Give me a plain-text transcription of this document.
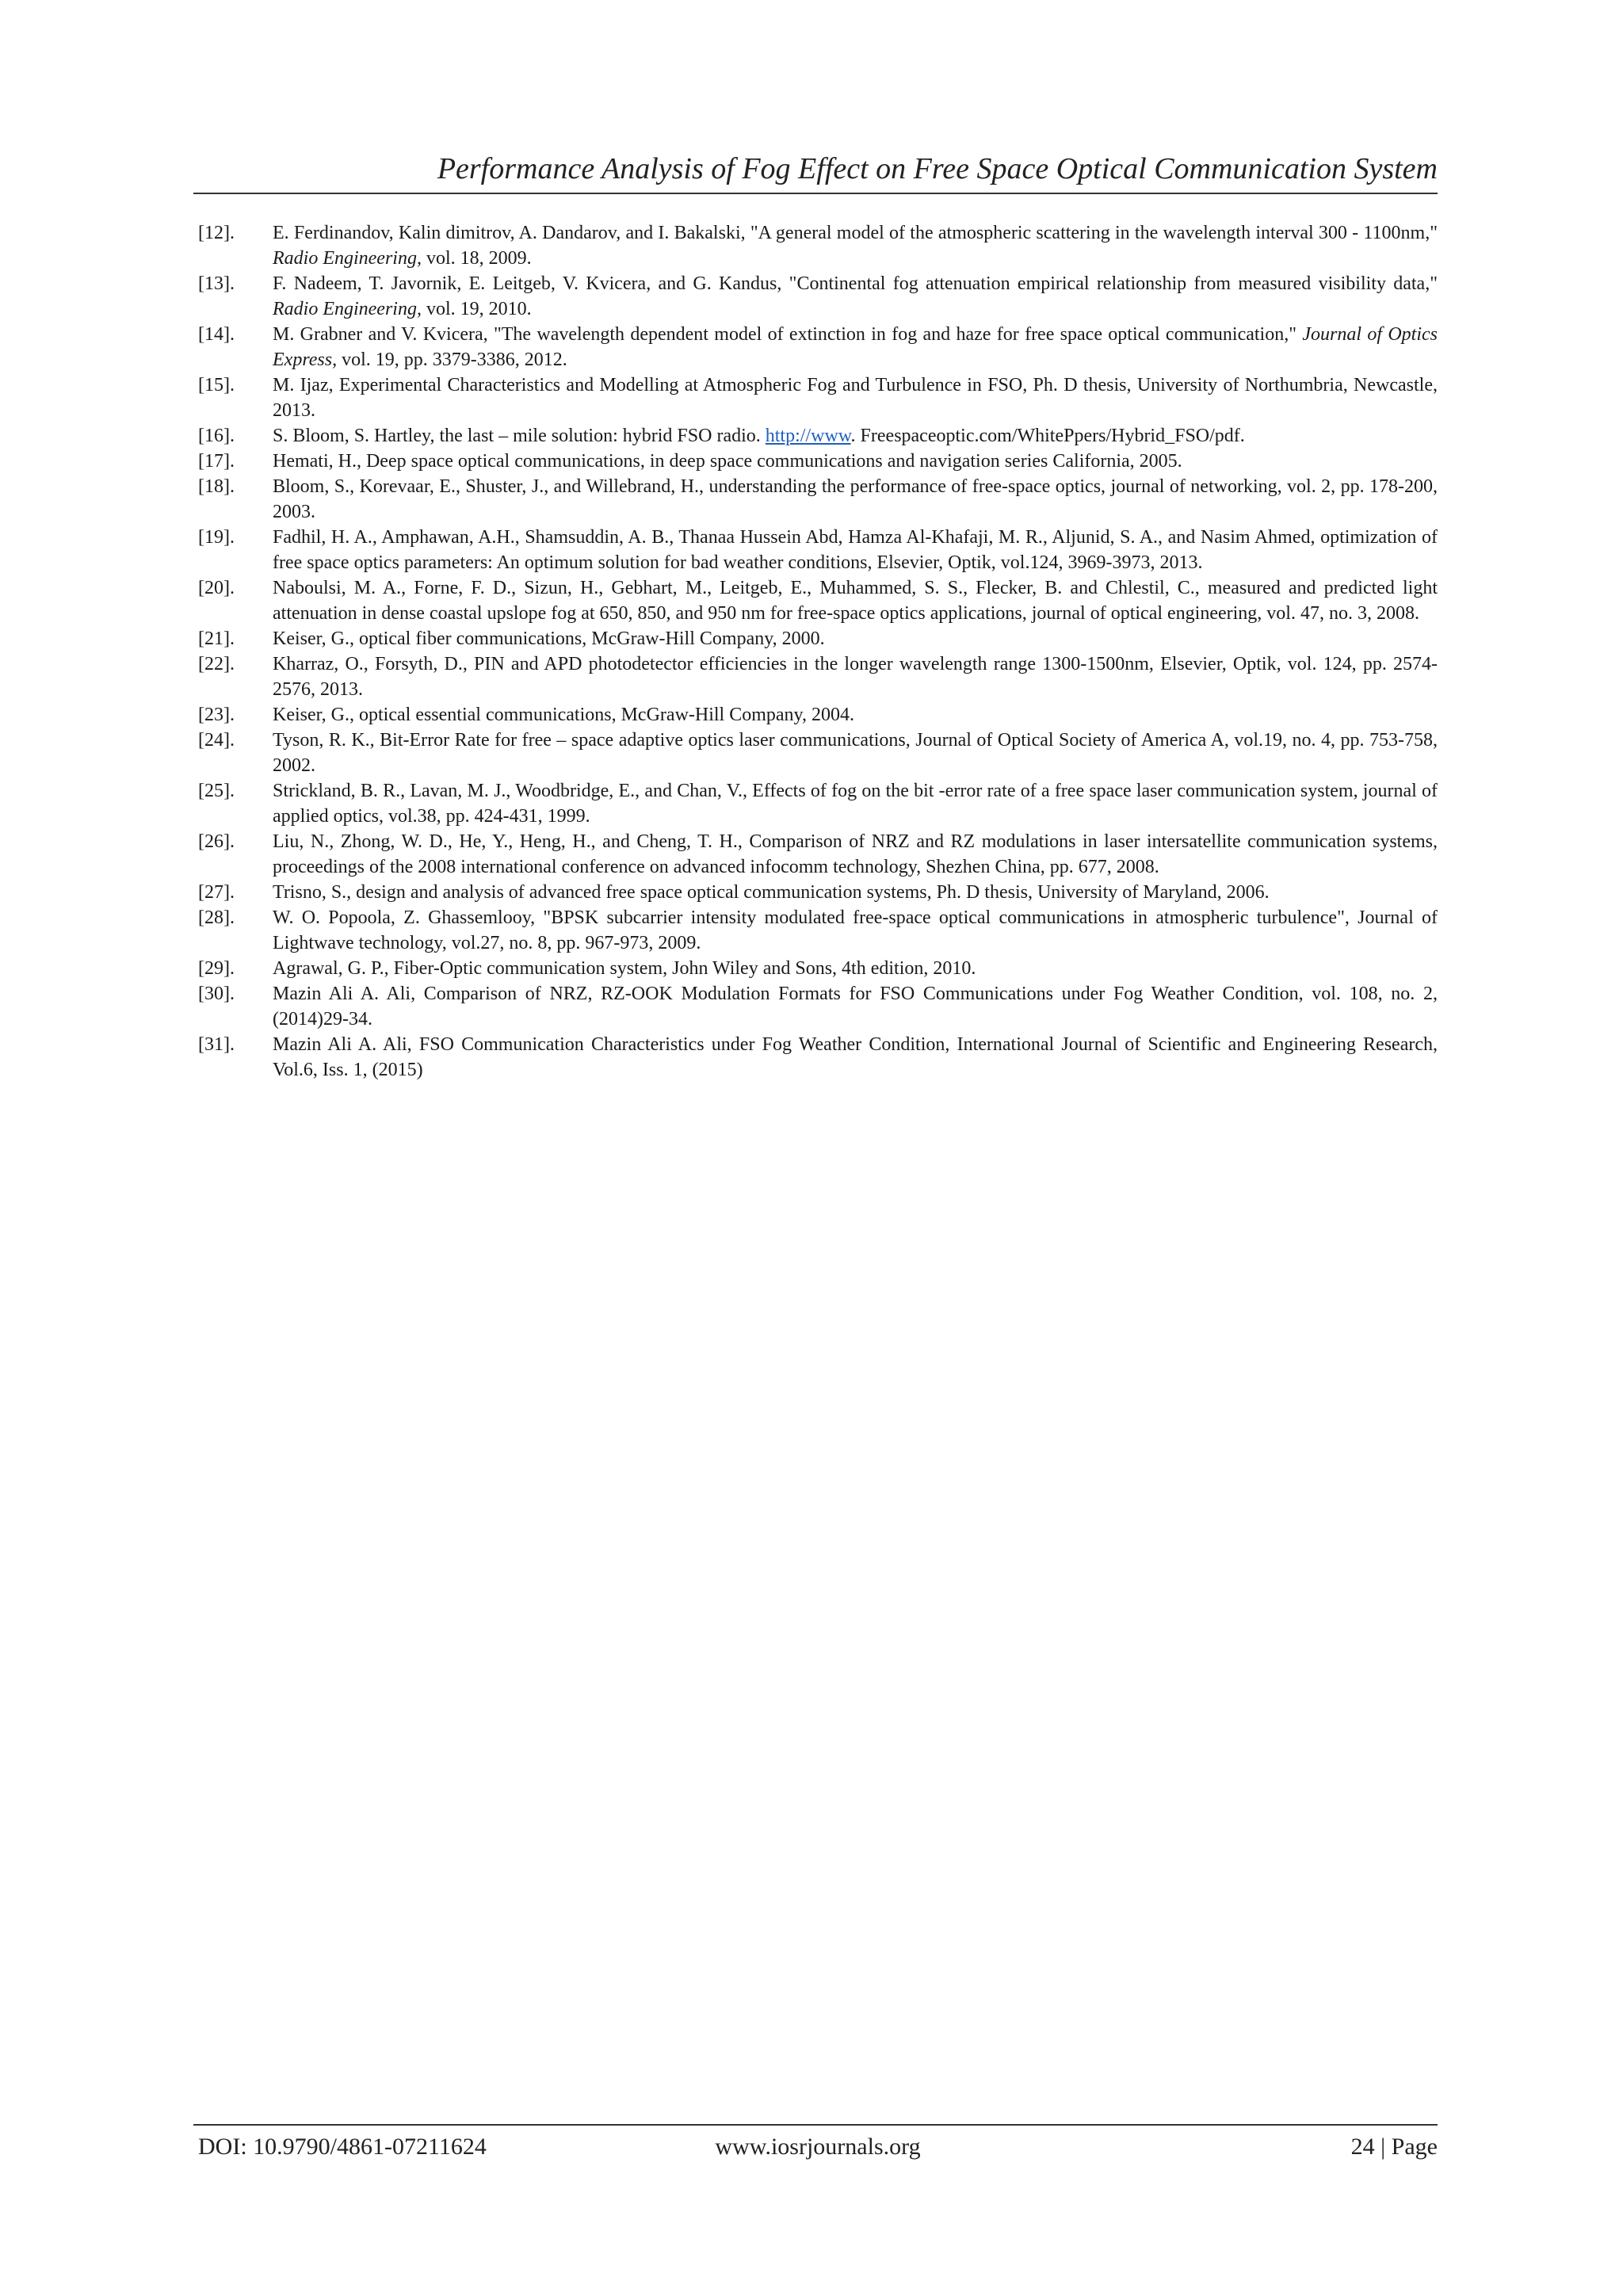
Performance Analysis of Fog Effect on Free Space Optical Communication System
[12]. E. Ferdinandov, Kalin dimitrov, A. Dandarov, and I. Bakalski, "A general model of the atmospheric scattering in the wavelength interval 300 - 1100nm," Radio Engineering, vol. 18, 2009.
[13]. F. Nadeem, T. Javornik, E. Leitgeb, V. Kvicera, and G. Kandus, "Continental fog attenuation empirical relationship from measured visibility data," Radio Engineering, vol. 19, 2010.
[14]. M. Grabner and V. Kvicera, "The wavelength dependent model of extinction in fog and haze for free space optical communication," Journal of Optics Express, vol. 19, pp. 3379-3386, 2012.
[15]. M. Ijaz, Experimental Characteristics and Modelling at Atmospheric Fog and Turbulence in FSO, Ph. D thesis, University of Northumbria, Newcastle, 2013.
[16]. S. Bloom, S. Hartley, the last – mile solution: hybrid FSO radio. http://www. Freespaceoptic.com/WhitePpers/Hybrid_FSO/pdf.
[17]. Hemati, H., Deep space optical communications, in deep space communications and navigation series California, 2005.
[18]. Bloom, S., Korevaar, E., Shuster, J., and Willebrand, H., understanding the performance of free-space optics, journal of networking, vol. 2, pp. 178-200, 2003.
[19]. Fadhil, H. A., Amphawan, A.H., Shamsuddin, A. B., Thanaa Hussein Abd, Hamza Al-Khafaji, M. R., Aljunid, S. A., and Nasim Ahmed, optimization of free space optics parameters: An optimum solution for bad weather conditions, Elsevier, Optik, vol.124, 3969-3973, 2013.
[20]. Naboulsi, M. A., Forne, F. D., Sizun, H., Gebhart, M., Leitgeb, E., Muhammed, S. S., Flecker, B. and Chlestil, C., measured and predicted light attenuation in dense coastal upslope fog at 650, 850, and 950 nm for free-space optics applications, journal of optical engineering, vol. 47, no. 3, 2008.
[21]. Keiser, G., optical fiber communications, McGraw-Hill Company, 2000.
[22]. Kharraz, O., Forsyth, D., PIN and APD photodetector efficiencies in the longer wavelength range 1300-1500nm, Elsevier, Optik, vol. 124, pp. 2574-2576, 2013.
[23]. Keiser, G., optical essential communications, McGraw-Hill Company, 2004.
[24]. Tyson, R. K., Bit-Error Rate for free – space adaptive optics laser communications, Journal of Optical Society of America A, vol.19, no. 4, pp. 753-758, 2002.
[25]. Strickland, B. R., Lavan, M. J., Woodbridge, E., and Chan, V., Effects of fog on the bit -error rate of a free space laser communication system, journal of applied optics, vol.38, pp. 424-431, 1999.
[26]. Liu, N., Zhong, W. D., He, Y., Heng, H., and Cheng, T. H., Comparison of NRZ and RZ modulations in laser intersatellite communication systems, proceedings of the 2008 international conference on advanced infocomm technology, Shezhen China, pp. 677, 2008.
[27]. Trisno, S., design and analysis of advanced free space optical communication systems, Ph. D thesis, University of Maryland, 2006.
[28]. W. O. Popoola, Z. Ghassemlooy, "BPSK subcarrier intensity modulated free-space optical communications in atmospheric turbulence", Journal of Lightwave technology, vol.27, no. 8, pp. 967-973, 2009.
[29]. Agrawal, G. P., Fiber-Optic communication system, John Wiley and Sons, 4th edition, 2010.
[30]. Mazin Ali A. Ali, Comparison of NRZ, RZ-OOK Modulation Formats for FSO Communications under Fog Weather Condition, vol. 108, no. 2, (2014)29-34.
[31]. Mazin Ali A. Ali, FSO Communication Characteristics under Fog Weather Condition, International Journal of Scientific and Engineering Research, Vol.6, Iss. 1, (2015)
DOI: 10.9790/4861-07211624	www.iosrjournals.org	24 | Page
